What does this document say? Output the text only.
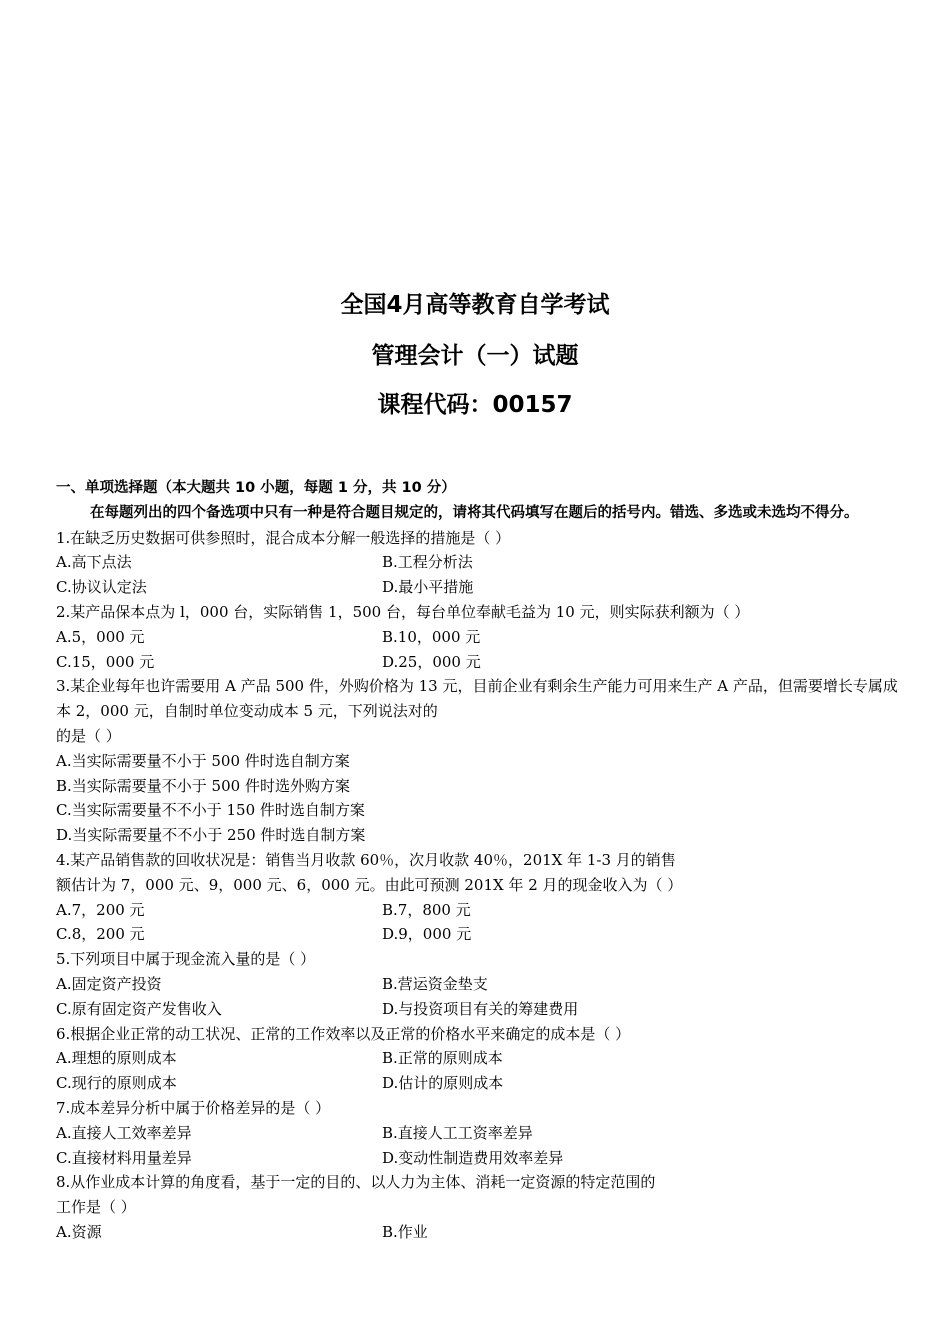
全国4月高等教育自学考试
管理会计（一）试题
课程代码：00157
一、单项选择题（本大题共 10 小题，每题 1 分，共 10 分）
在每题列出的四个备选项中只有一种是符合题目规定的，请将其代码填写在题后的括号内。错选、多选或未选均不得分。
1.在缺乏历史数据可供参照时，混合成本分解一般选择的措施是（ ）
A.高下点法	B.工程分析法
C.协议认定法	D.最小平措施
2.某产品保本点为 l，000 台，实际销售 1，500 台，每台单位奉献毛益为 10 元，则实际获利额为（ ）
A.5，000 元	B.10，000 元
C.15，000 元	D.25，000 元
3.某企业每年也许需要用 A 产品 500 件，外购价格为 13 元，目前企业有剩余生产能力可用来生产 A 产品，但需要增长专属成本 2，000 元，自制时单位变动成本 5 元，下列说法对的
的是（ ）
A.当实际需要量不小于 500 件时选自制方案
B.当实际需要量不小于 500 件时选外购方案
C.当实际需要量不不小于 150 件时选自制方案
D.当实际需要量不不小于 250 件时选自制方案
4.某产品销售款的回收状况是：销售当月收款 60％，次月收款 40％，201X 年 1-3 月的销售
额估计为 7，000 元、9，000 元、6，000 元。由此可预测 201X 年 2 月的现金收入为（ ）
A.7，200 元	B.7，800 元
C.8，200 元	D.9，000 元
5.下列项目中属于现金流入量的是（ ）
A.固定资产投资	B.营运资金垫支
C.原有固定资产发售收入	D.与投资项目有关的筹建费用
6.根据企业正常的动工状况、正常的工作效率以及正常的价格水平来确定的成本是（ ）
A.理想的原则成本	B.正常的原则成本
C.现行的原则成本	D.估计的原则成本
7.成本差异分析中属于价格差异的是（ ）
A.直接人工效率差异	B.直接人工工资率差异
C.直接材料用量差异	D.变动性制造费用效率差异
8.从作业成本计算的角度看，基于一定的目的、以人力为主体、消耗一定资源的特定范围的
工作是（ ）
A.资源	B.作业
